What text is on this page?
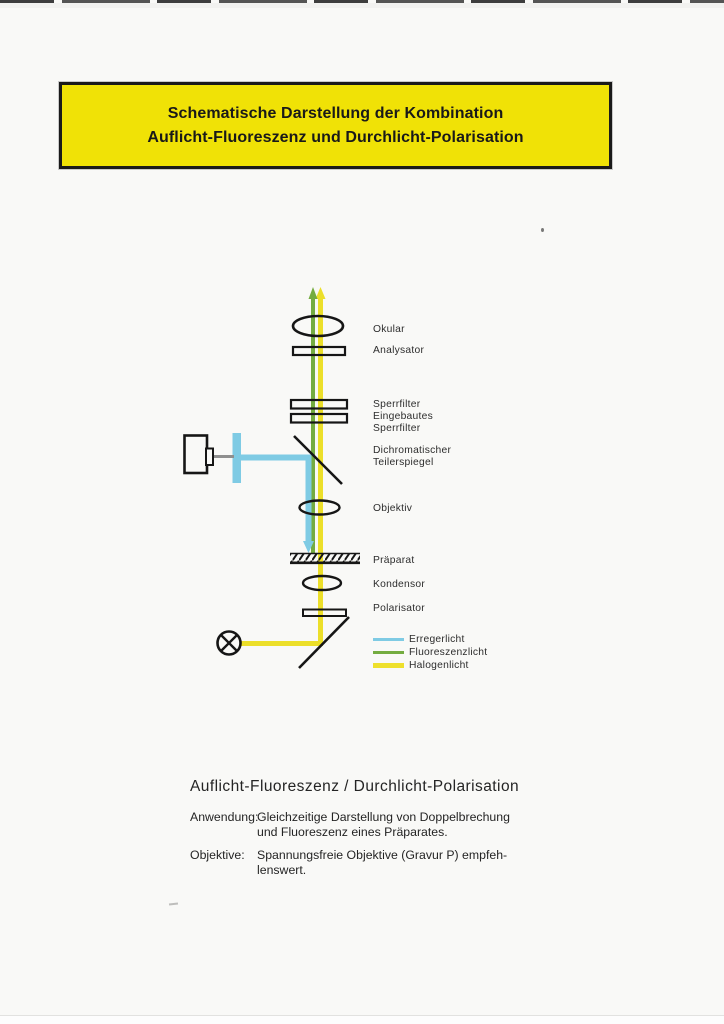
Schematische Darstellung der Kombination
Auflicht-Fluoreszenz und Durchlicht-Polarisation
Okular
Analysator
Sperrfilter
Eingebautes
Sperrfilter
Dichromatischer
Teilerspiegel
Objektiv
Präparat
Kondensor
Polarisator
Erregerlicht
Fluoreszenzlicht
Halogenlicht
Auflicht-Fluoreszenz / Durchlicht-Polarisation
Anwendung:
Gleichzeitige Darstellung von Doppelbrechung
und Fluoreszenz eines Präparates.
Objektive: Spannungsfreie Objektive (Gravur P) empfeh-
lenswert.
